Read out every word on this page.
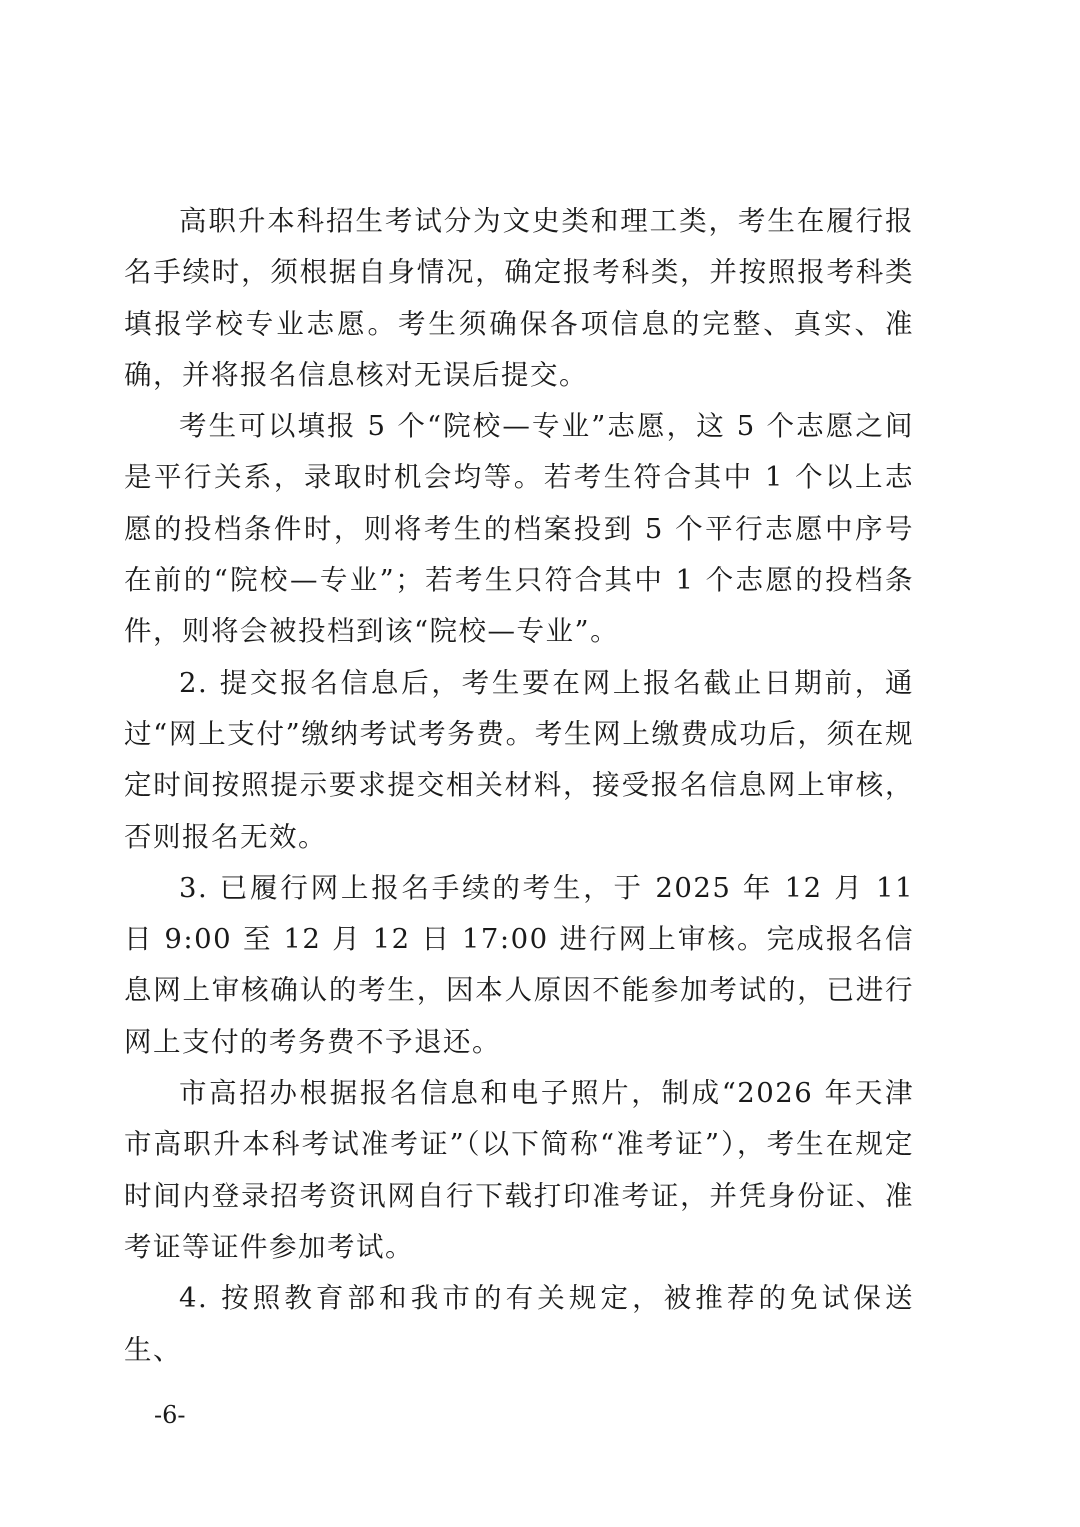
高职升本科招生考试分为文史类和理工类，考生在履行报名手续时，须根据自身情况，确定报考科类，并按照报考科类填报学校专业志愿。考生须确保各项信息的完整、真实、准确，并将报名信息核对无误后提交。

考生可以填报 5 个“院校—专业”志愿，这 5 个志愿之间是平行关系，录取时机会均等。若考生符合其中 1 个以上志愿的投档条件时，则将考生的档案投到 5 个平行志愿中序号在前的“院校—专业”；若考生只符合其中 1 个志愿的投档条件，则将会被投档到该“院校—专业”。

2. 提交报名信息后，考生要在网上报名截止日期前，通过“网上支付”缴纳考试考务费。考生网上缴费成功后，须在规定时间按照提示要求提交相关材料，接受报名信息网上审核，否则报名无效。

3. 已履行网上报名手续的考生，于 2025 年 12 月 11 日 9:00 至 12 月 12 日 17:00 进行网上审核。完成报名信息网上审核确认的考生，因本人原因不能参加考试的，已进行网上支付的考务费不予退还。

市高招办根据报名信息和电子照片，制成“2026 年天津市高职升本科考试准考证”（以下简称“准考证”），考生在规定时间内登录招考资讯网自行下载打印准考证，并凭身份证、准考证等证件参加考试。

4. 按照教育部和我市的有关规定，被推荐的免试保送生、

-6-
